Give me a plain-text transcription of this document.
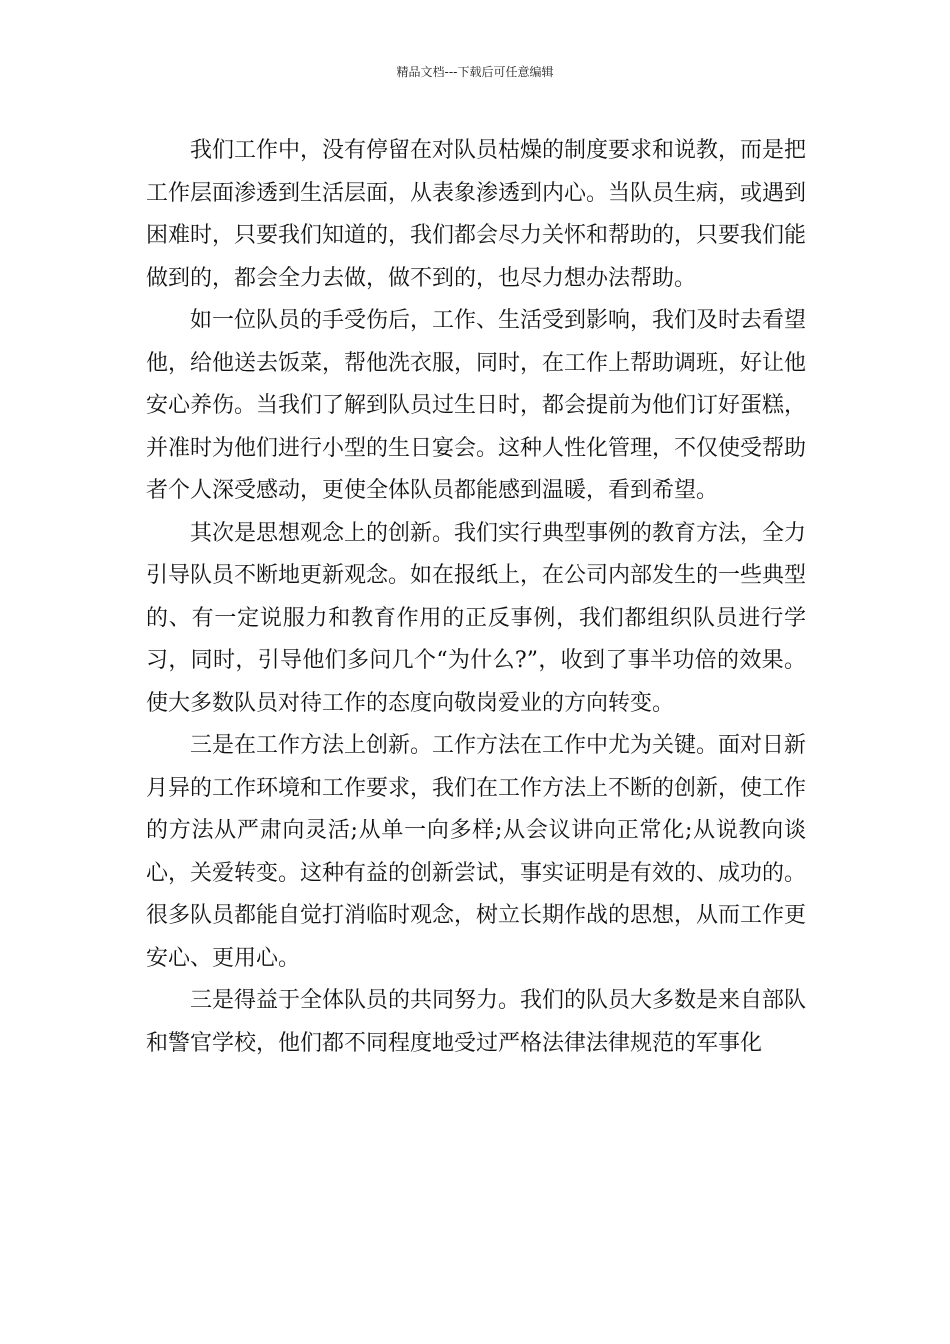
精品文档---下载后可任意编辑

我们工作中，没有停留在对队员枯燥的制度要求和说教，而是把工作层面渗透到生活层面，从表象渗透到内心。当队员生病，或遇到困难时，只要我们知道的，我们都会尽力关怀和帮助的，只要我们能做到的，都会全力去做，做不到的，也尽力想办法帮助。

如一位队员的手受伤后，工作、生活受到影响，我们及时去看望他，给他送去饭菜，帮他洗衣服，同时，在工作上帮助调班，好让他安心养伤。当我们了解到队员过生日时，都会提前为他们订好蛋糕，并准时为他们进行小型的生日宴会。这种人性化管理，不仅使受帮助者个人深受感动，更使全体队员都能感到温暖，看到希望。

其次是思想观念上的创新。我们实行典型事例的教育方法，全力引导队员不断地更新观念。如在报纸上，在公司内部发生的一些典型的、有一定说服力和教育作用的正反事例，我们都组织队员进行学习，同时，引导他们多问几个“为什么?”，收到了事半功倍的效果。使大多数队员对待工作的态度向敬岗爱业的方向转变。

三是在工作方法上创新。工作方法在工作中尤为关键。面对日新月异的工作环境和工作要求，我们在工作方法上不断的创新，使工作的方法从严肃向灵活;从单一向多样;从会议讲向正常化;从说教向谈心，关爱转变。这种有益的创新尝试，事实证明是有效的、成功的。很多队员都能自觉打消临时观念，树立长期作战的思想，从而工作更安心、更用心。

三是得益于全体队员的共同努力。我们的队员大多数是来自部队和警官学校，他们都不同程度地受过严格法律法律规范的军事化
